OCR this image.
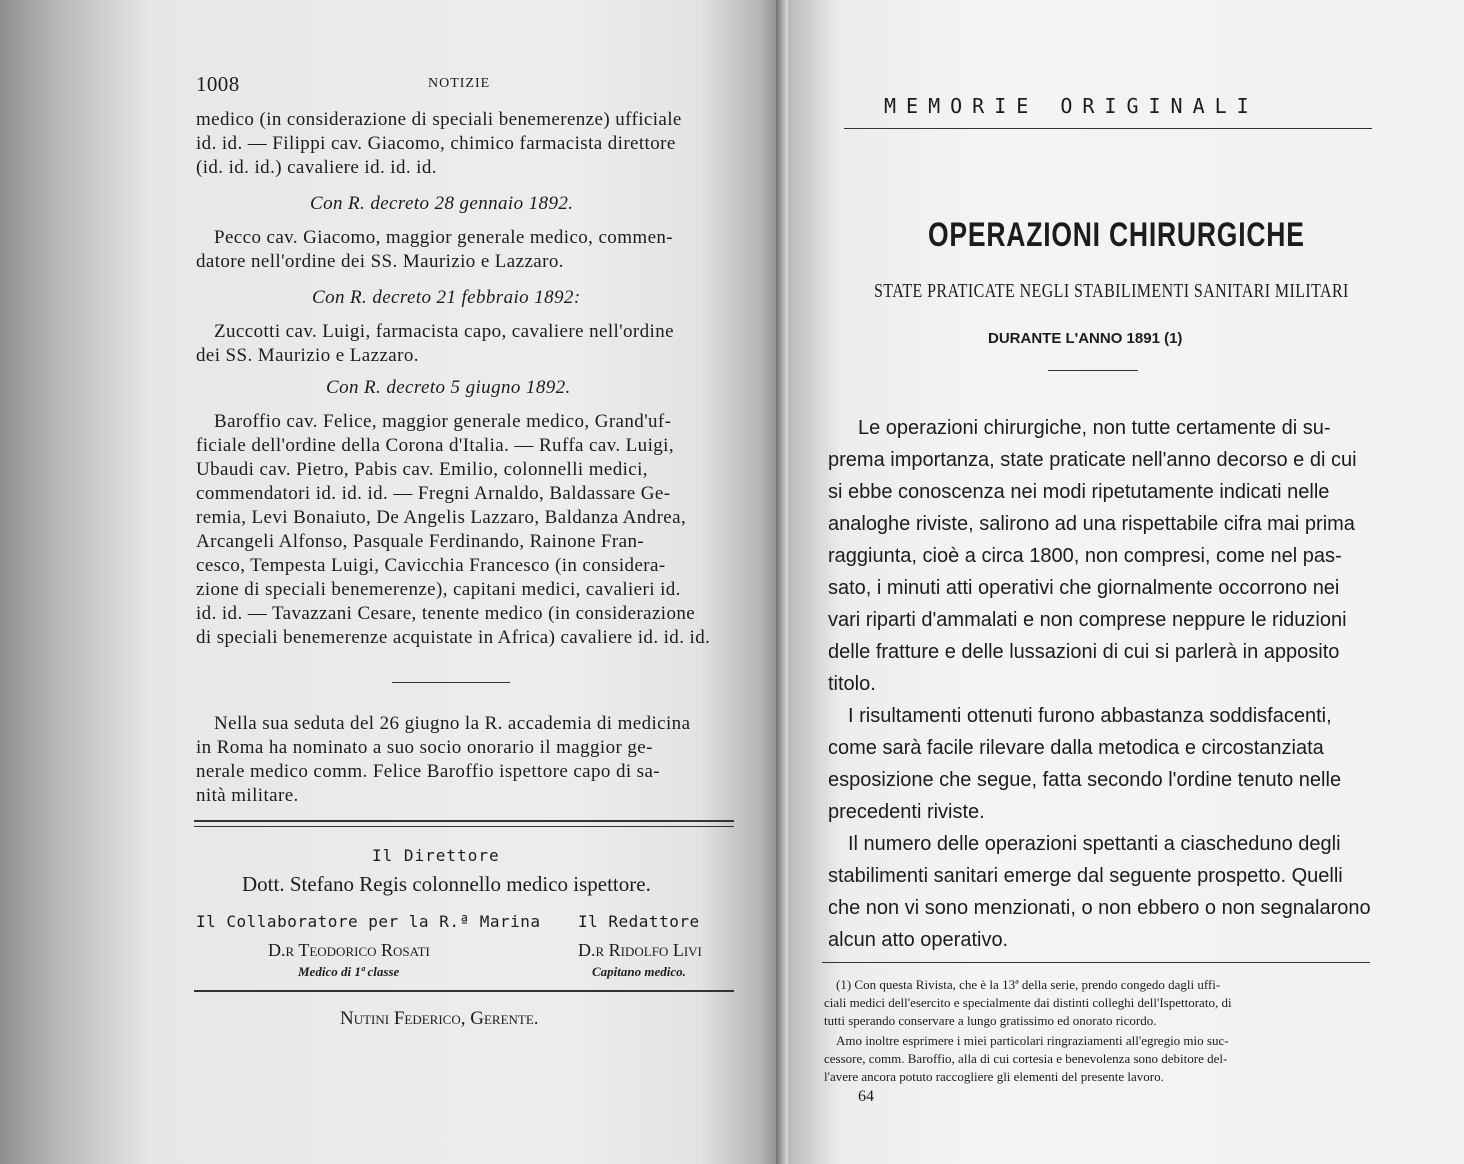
1008	NOTIZIE
medico (in considerazione di speciali benemerenze) ufficiale
id. id. — Filippi cav. Giacomo, chimico farmacista direttore
(id. id. id.) cavaliere id. id. id.
Con R. decreto 28 gennaio 1892.
Pecco cav. Giacomo, maggior generale medico, commen-
datore nell'ordine dei SS. Maurizio e Lazzaro.
Con R. decreto 21 febbraio 1892:
Zuccotti cav. Luigi, farmacista capo, cavaliere nell'ordine
dei SS. Maurizio e Lazzaro.
Con R. decreto 5 giugno 1892.
Baroffio cav. Felice, maggior generale medico, Grand'uf-
ficiale dell'ordine della Corona d'Italia. — Ruffa cav. Luigi,
Ubaudi cav. Pietro, Pabis cav. Emilio, colonnelli medici,
commendatori id. id. id. — Fregni Arnaldo, Baldassare Ge-
remia, Levi Bonaiuto, De Angelis Lazzaro, Baldanza Andrea,
Arcangeli Alfonso, Pasquale Ferdinando, Rainone Fran-
cesco, Tempesta Luigi, Cavicchia Francesco (in considera-
zione di speciali benemerenze), capitani medici, cavalieri id.
id. id. — Tavazzani Cesare, tenente medico (in considerazione
di speciali benemerenze acquistate in Africa) cavaliere id. id. id.
Nella sua seduta del 26 giugno la R. accademia di medicina
in Roma ha nominato a suo socio onorario il maggior ge-
nerale medico comm. Felice Baroffio ispettore capo di sa-
nità militare.
Il Direttore
Dott. Stefano Regis colonnello medico ispettore.
Il Collaboratore per la R.ª Marina Il Redattore
D.r Teodorico Rosati	D.r Ridolfo Livi
Medico di 1ª classe	Capitano medico.
Nutini Federico, Gerente.
MEMORIE ORIGINALI
OPERAZIONI CHIRURGICHE
STATE PRATICATE NEGLI STABILIMENTI SANITARI MILITARI
DURANTE L'ANNO 1891 (1)
Le operazioni chirurgiche, non tutte certamente di su-
prema importanza, state praticate nell'anno decorso e di cui
si ebbe conoscenza nei modi ripetutamente indicati nelle
analoghe riviste, salirono ad una rispettabile cifra mai prima
raggiunta, cioè a circa 1800, non compresi, come nel pas-
sato, i minuti atti operativi che giornalmente occorrono nei
vari riparti d'ammalati e non comprese neppure le riduzioni
delle fratture e delle lussazioni di cui si parlerà in apposito
titolo.
I risultamenti ottenuti furono abbastanza soddisfacenti,
come sarà facile rilevare dalla metodica e circostanziata
esposizione che segue, fatta secondo l'ordine tenuto nelle
precedenti riviste.
Il numero delle operazioni spettanti a ciascheduno degli
stabilimenti sanitari emerge dal seguente prospetto. Quelli
che non vi sono menzionati, o non ebbero o non segnalarono
alcun atto operativo.
(1) Con questa Rivista, che è la 13ª della serie, prendo congedo dagli uffi-
ciali medici dell'esercito e specialmente dai distinti colleghi dell'Ispettorato, di
tutti sperando conservare a lungo gratissimo ed onorato ricordo.
Amo inoltre esprimere i miei particolari ringraziamenti all'egregio mio suc-
cessore, comm. Baroffio, alla di cui cortesia e benevolenza sono debitore del-
l'avere ancora potuto raccogliere gli elementi del presente lavoro.
64
